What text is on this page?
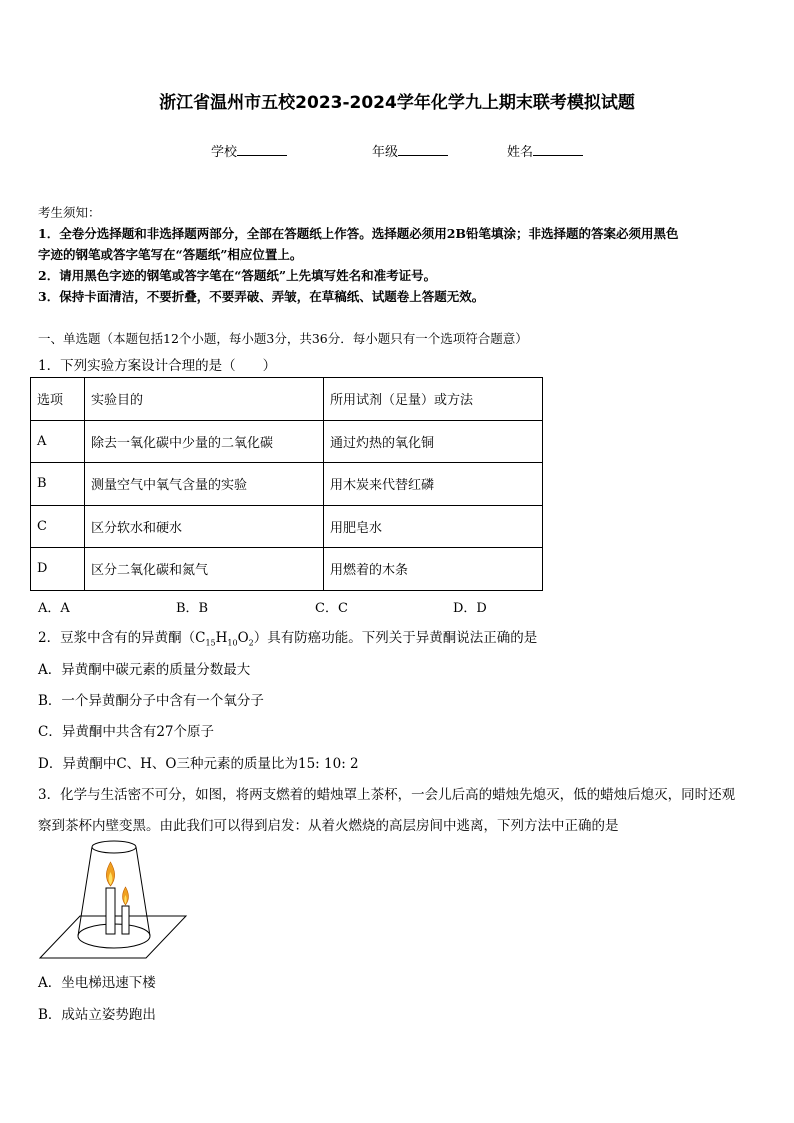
浙江省温州市五校2023-2024学年化学九上期末联考模拟试题
学校	年级	姓名
考生须知：
1．全卷分选择题和非选择题两部分，全部在答题纸上作答。选择题必须用2B铅笔填涂；非选择题的答案必须用黑色
字迹的钢笔或答字笔写在“答题纸”相应位置上。
2．请用黑色字迹的钢笔或答字笔在“答题纸”上先填写姓名和准考证号。
3．保持卡面清洁，不要折叠，不要弄破、弄皱，在草稿纸、试题卷上答题无效。
一、单选题（本题包括12个小题，每小题3分，共36分．每小题只有一个选项符合题意）
1．下列实验方案设计合理的是（　　）
选项	实验目的	所用试剂（足量）或方法
A	除去一氧化碳中少量的二氧化碳	通过灼热的氧化铜
B	测量空气中氧气含量的实验	用木炭来代替红磷
C	区分软水和硬水	用肥皂水
D	区分二氧化碳和氮气	用燃着的木条
A．A	B．B	C．C	D．D
2．豆浆中含有的异黄酮$(C_{15}H_{10}O_2)$具有防癌功能。下列关于异黄酮说法正确的是
A．异黄酮中碳元素的质量分数最大
B．一个异黄酮分子中含有一个氧分子
C．异黄酮中共含有27个原子
D．异黄酮中C、H、O三种元素的质量比为15: 10: 2
3．化学与生活密不可分，如图，将两支燃着的蜡烛罩上茶杯，一会儿后高的蜡烛先熄灭，低的蜡烛后熄灭，同时还观
察到茶杯内壁变黑。由此我们可以得到启发：从着火燃烧的高层房间中逃离，下列方法中正确的是
A．坐电梯迅速下楼
B．成站立姿势跑出
